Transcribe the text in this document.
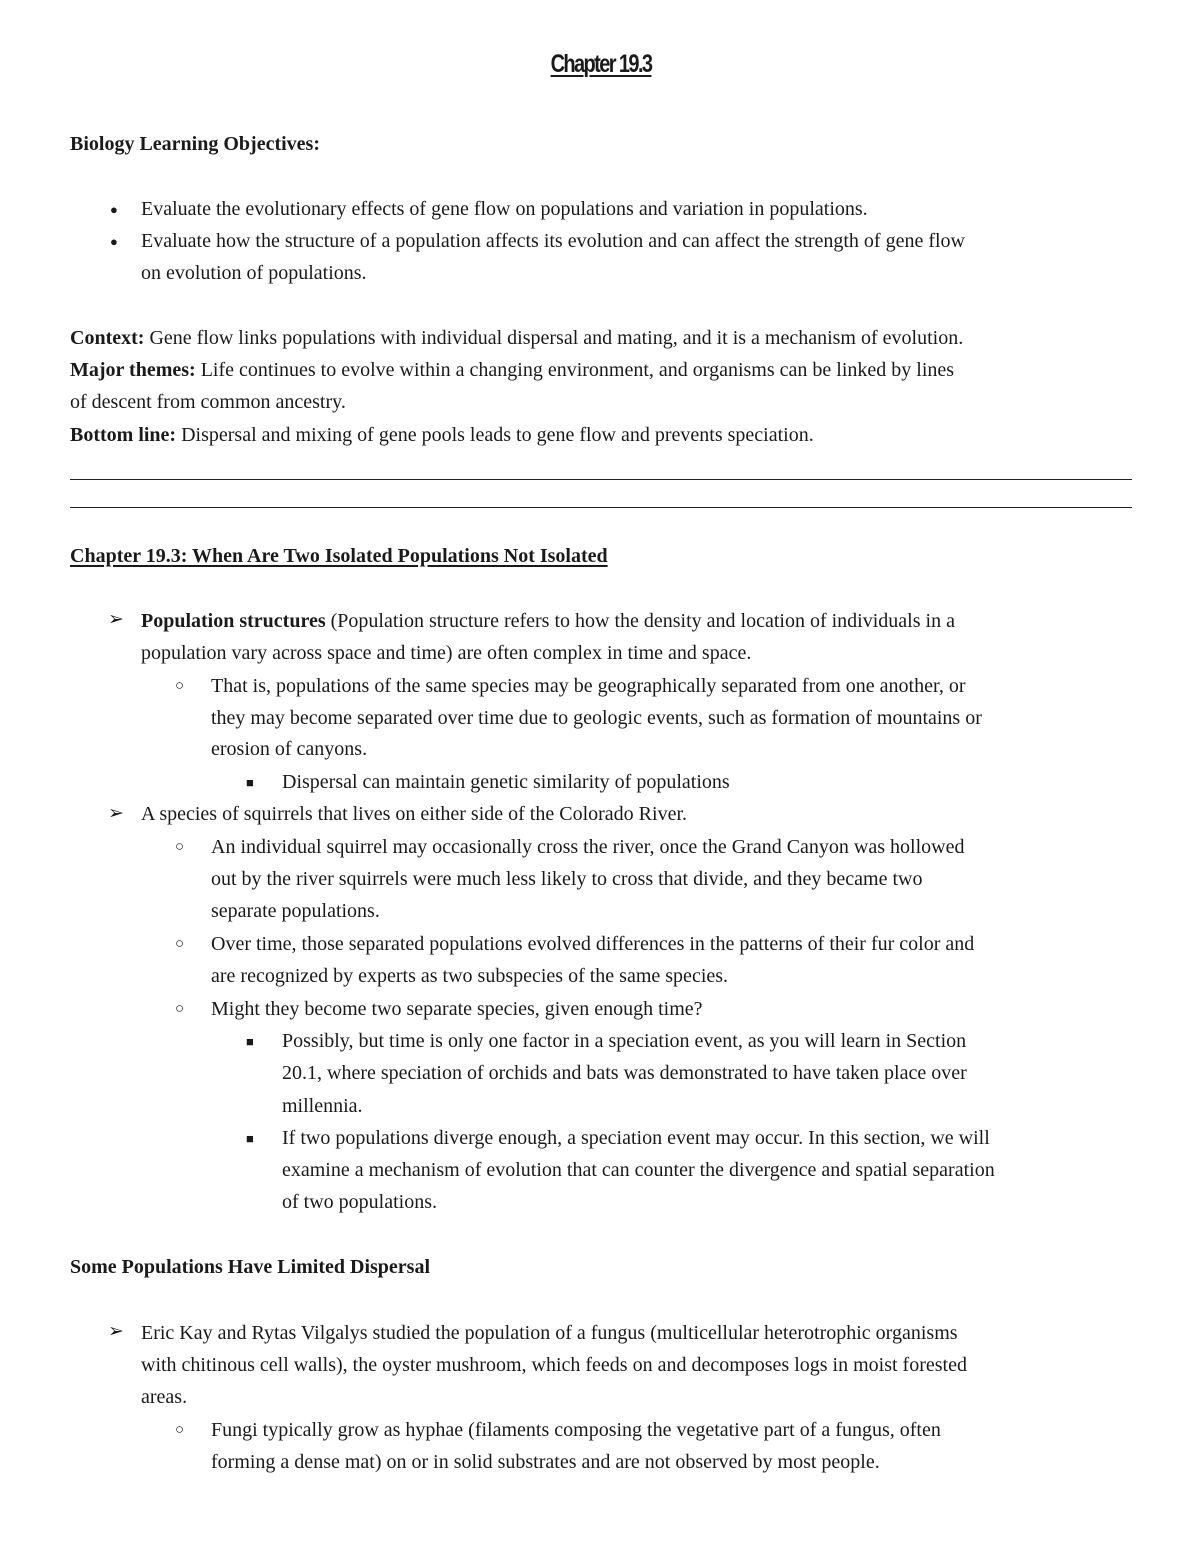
Chapter 19.3
Biology Learning Objectives:
● Evaluate the evolutionary effects of gene flow on populations and variation in populations.
● Evaluate how the structure of a population affects its evolution and can affect the strength of gene flow
on evolution of populations.
Context: Gene flow links populations with individual dispersal and mating, and it is a mechanism of evolution.
Major themes: Life continues to evolve within a changing environment, and organisms can be linked by lines
of descent from common ancestry.
Bottom line: Dispersal and mixing of gene pools leads to gene flow and prevents speciation.
Chapter 19.3: When Are Two Isolated Populations Not Isolated
➢ Population structures (Population structure refers to how the density and location of individuals in a
population vary across space and time) are often complex in time and space.
○ That is, populations of the same species may be geographically separated from one another, or
they may become separated over time due to geologic events, such as formation of mountains or
erosion of canyons.
■ Dispersal can maintain genetic similarity of populations
➢ A species of squirrels that lives on either side of the Colorado River.
○ An individual squirrel may occasionally cross the river, once the Grand Canyon was hollowed
out by the river squirrels were much less likely to cross that divide, and they became two
separate populations.
○ Over time, those separated populations evolved differences in the patterns of their fur color and
are recognized by experts as two subspecies of the same species.
○ Might they become two separate species, given enough time?
■ Possibly, but time is only one factor in a speciation event, as you will learn in Section
20.1, where speciation of orchids and bats was demonstrated to have taken place over
millennia.
■ If two populations diverge enough, a speciation event may occur. In this section, we will
examine a mechanism of evolution that can counter the divergence and spatial separation
of two populations.
Some Populations Have Limited Dispersal
➢ Eric Kay and Rytas Vilgalys studied the population of a fungus (multicellular heterotrophic organisms
with chitinous cell walls), the oyster mushroom, which feeds on and decomposes logs in moist forested
areas.
○ Fungi typically grow as hyphae (filaments composing the vegetative part of a fungus, often
forming a dense mat) on or in solid substrates and are not observed by most people.
